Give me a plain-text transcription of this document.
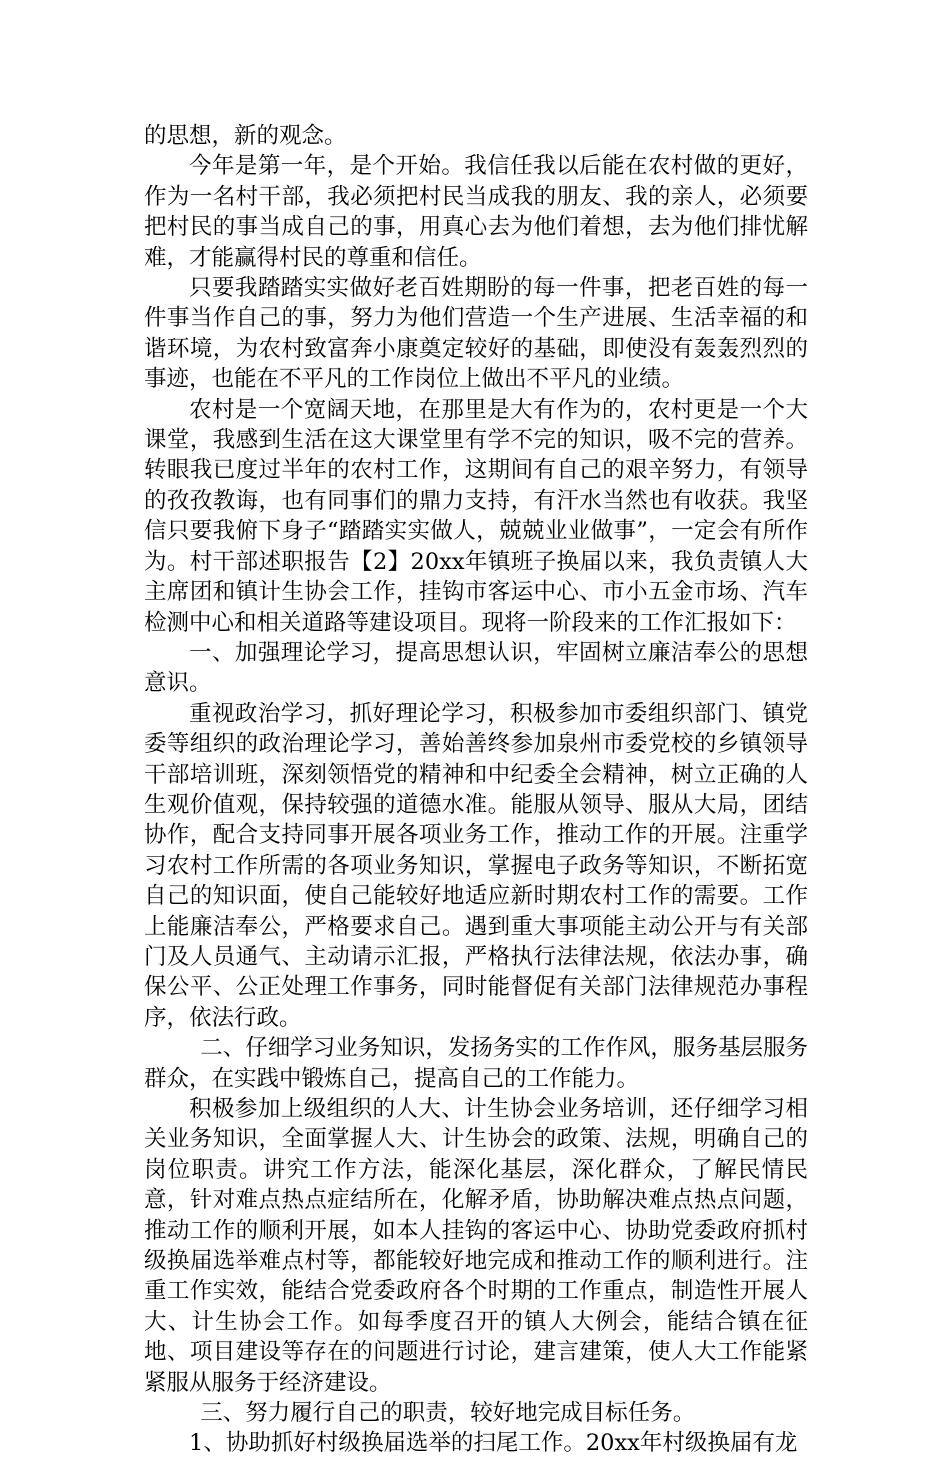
的思想，新的观念。

今年是第一年，是个开始。我信任我以后能在农村做的更好，作为一名村干部，我必须把村民当成我的朋友、我的亲人，必须要把村民的事当成自己的事，用真心去为他们着想，去为他们排忧解难，才能赢得村民的尊重和信任。

只要我踏踏实实做好老百姓期盼的每一件事，把老百姓的每一件事当作自己的事，努力为他们营造一个生产进展、生活幸福的和谐环境，为农村致富奔小康奠定较好的基础，即使没有轰轰烈烈的事迹，也能在不平凡的工作岗位上做出不平凡的业绩。

农村是一个宽阔天地，在那里是大有作为的，农村更是一个大课堂，我感到生活在这大课堂里有学不完的知识，吸不完的营养。转眼我已度过半年的农村工作，这期间有自己的艰辛努力，有领导的孜孜教诲，也有同事们的鼎力支持，有汗水当然也有收获。我坚信只要我俯下身子“踏踏实实做人，兢兢业业做事”，一定会有所作为。村干部述职报告【2】20xx年镇班子换届以来，我负责镇人大主席团和镇计生协会工作，挂钩市客运中心、市小五金市场、汽车检测中心和相关道路等建设项目。现将一阶段来的工作汇报如下：

一、加强理论学习，提高思想认识，牢固树立廉洁奉公的思想意识。

重视政治学习，抓好理论学习，积极参加市委组织部门、镇党委等组织的政治理论学习，善始善终参加泉州市委党校的乡镇领导干部培训班，深刻领悟党的精神和中纪委全会精神，树立正确的人生观价值观，保持较强的道德水准。能服从领导、服从大局，团结协作，配合支持同事开展各项业务工作，推动工作的开展。注重学习农村工作所需的各项业务知识，掌握电子政务等知识，不断拓宽自己的知识面，使自己能较好地适应新时期农村工作的需要。工作上能廉洁奉公，严格要求自己。遇到重大事项能主动公开与有关部门及人员通气、主动请示汇报，严格执行法律法规，依法办事，确保公平、公正处理工作事务，同时能督促有关部门法律规范办事程序，依法行政。

二、仔细学习业务知识，发扬务实的工作作风，服务基层服务群众，在实践中锻炼自己，提高自己的工作能力。

积极参加上级组织的人大、计生协会业务培训，还仔细学习相关业务知识，全面掌握人大、计生协会的政策、法规，明确自己的岗位职责。讲究工作方法，能深化基层，深化群众，了解民情民意，针对难点热点症结所在，化解矛盾，协助解决难点热点问题，推动工作的顺利开展，如本人挂钩的客运中心、协助党委政府抓村级换届选举难点村等，都能较好地完成和推动工作的顺利进行。注重工作实效，能结合党委政府各个时期的工作重点，制造性开展人大、计生协会工作。如每季度召开的镇人大例会，能结合镇在征地、项目建设等存在的问题进行讨论，建言建策，使人大工作能紧紧服从服务于经济建设。

三、努力履行自己的职责，较好地完成目标任务。

1、协助抓好村级换届选举的扫尾工作。20xx年村级换届有龙
